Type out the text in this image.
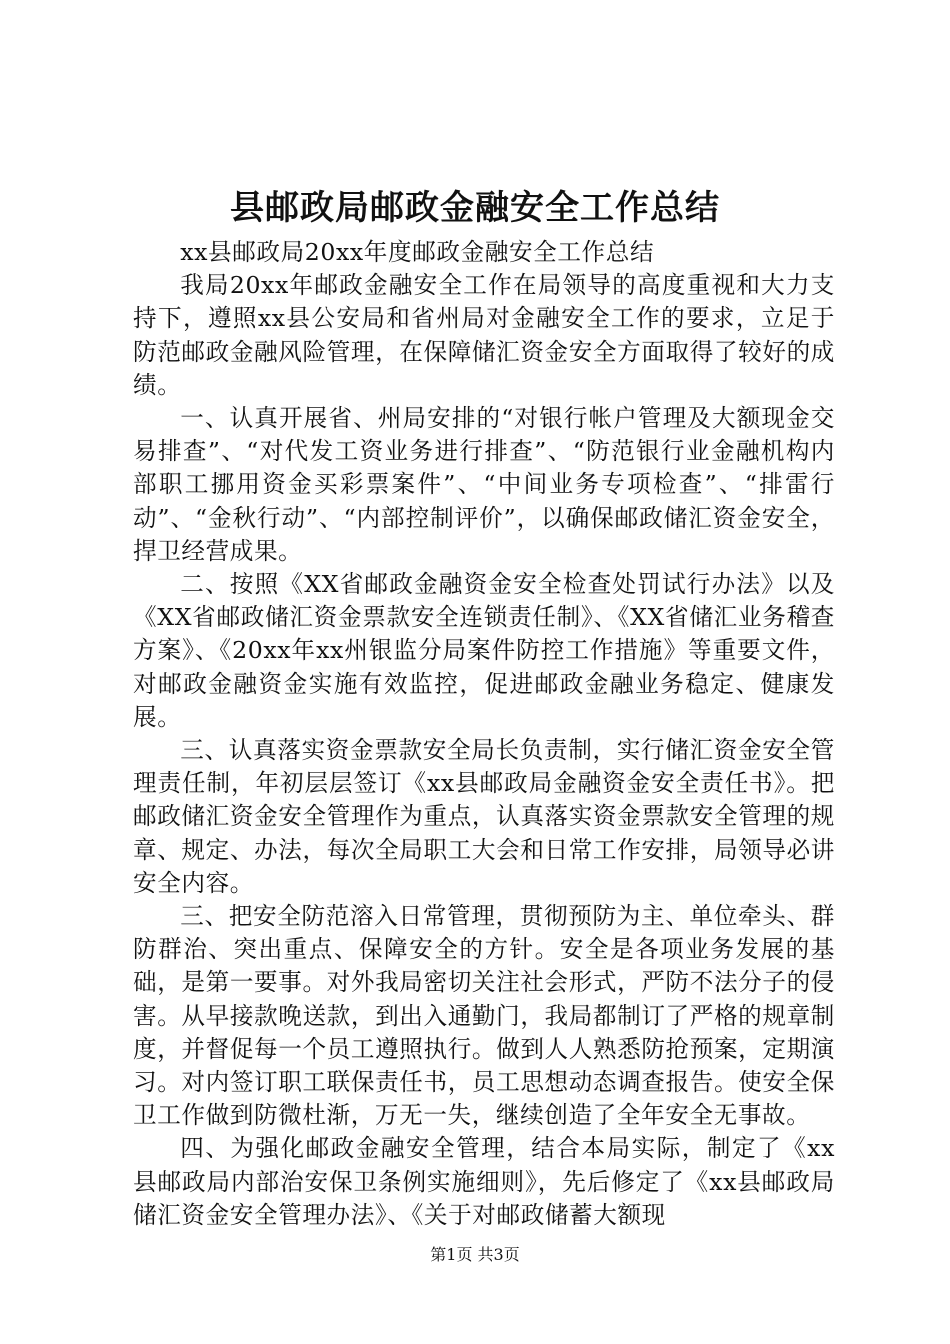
县邮政局邮政金融安全工作总结

xx县邮政局20xx年度邮政金融安全工作总结

我局20xx年邮政金融安全工作在局领导的高度重视和大力支持下，遵照xx县公安局和省州局对金融安全工作的要求，立足于防范邮政金融风险管理，在保障储汇资金安全方面取得了较好的成绩。

一、认真开展省、州局安排的“对银行帐户管理及大额现金交易排查”、“对代发工资业务进行排查”、“防范银行业金融机构内部职工挪用资金买彩票案件”、“中间业务专项检查”、“排雷行动”、“金秋行动”、“内部控制评价”，以确保邮政储汇资金安全，捍卫经营成果。

二、按照《XX省邮政金融资金安全检查处罚试行办法》以及《XX省邮政储汇资金票款安全连锁责任制》、《XX省储汇业务稽查方案》、《20xx年xx州银监分局案件防控工作措施》等重要文件，对邮政金融资金实施有效监控，促进邮政金融业务稳定、健康发展。

三、认真落实资金票款安全局长负责制，实行储汇资金安全管理责任制，年初层层签订《xx县邮政局金融资金安全责任书》。把邮政储汇资金安全管理作为重点，认真落实资金票款安全管理的规章、规定、办法，每次全局职工大会和日常工作安排，局领导必讲安全内容。

三、把安全防范溶入日常管理，贯彻预防为主、单位牵头、群防群治、突出重点、保障安全的方针。安全是各项业务发展的基础，是第一要事。对外我局密切关注社会形式，严防不法分子的侵害。从早接款晚送款，到出入通勤门，我局都制订了严格的规章制度，并督促每一个员工遵照执行。做到人人熟悉防抢预案，定期演习。对内签订职工联保责任书，员工思想动态调查报告。使安全保卫工作做到防微杜渐，万无一失，继续创造了全年安全无事故。

四、为强化邮政金融安全管理，结合本局实际，制定了《xx县邮政局内部治安保卫条例实施细则》，先后修定了《xx县邮政局储汇资金安全管理办法》、《关于对邮政储蓄大额现

第1页 共3页
